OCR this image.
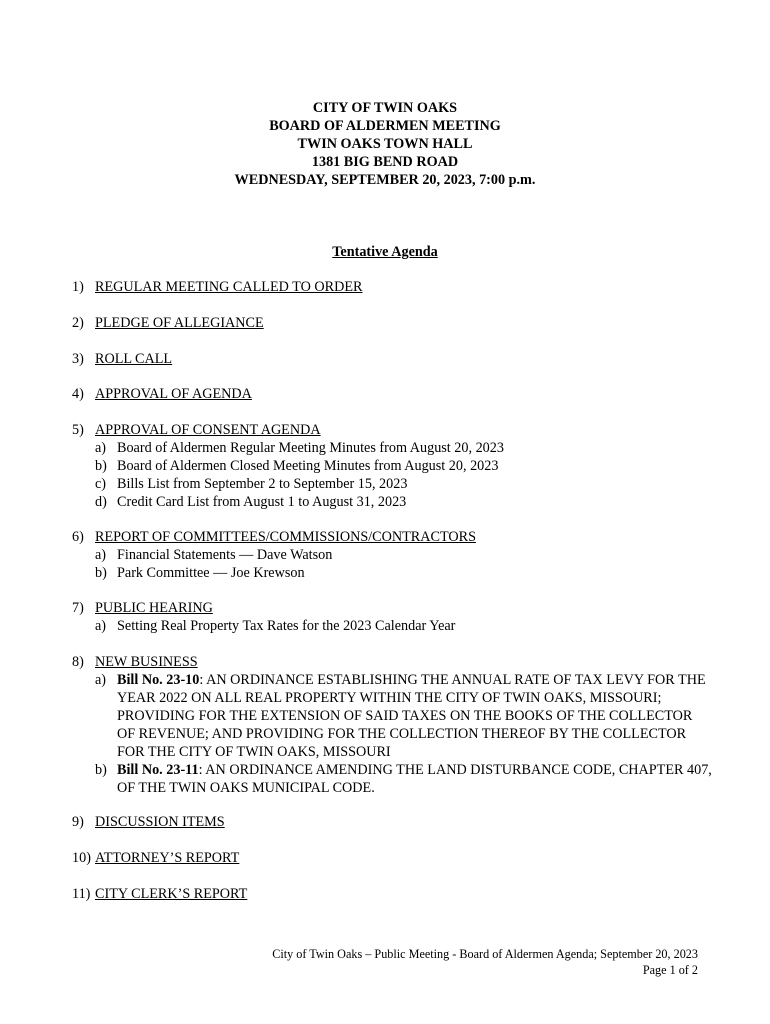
CITY OF TWIN OAKS
BOARD OF ALDERMEN MEETING
TWIN OAKS TOWN HALL
1381 BIG BEND ROAD
WEDNESDAY, SEPTEMBER 20, 2023, 7:00 p.m.
Tentative Agenda
1) REGULAR MEETING CALLED TO ORDER
2) PLEDGE OF ALLEGIANCE
3) ROLL CALL
4) APPROVAL OF AGENDA
5) APPROVAL OF CONSENT AGENDA
a) Board of Aldermen Regular Meeting Minutes from August 20, 2023
b) Board of Aldermen Closed Meeting Minutes from August 20, 2023
c) Bills List from September 2 to September 15, 2023
d) Credit Card List from August 1 to August 31, 2023
6) REPORT OF COMMITTEES/COMMISSIONS/CONTRACTORS
a) Financial Statements — Dave Watson
b) Park Committee — Joe Krewson
7) PUBLIC HEARING
a) Setting Real Property Tax Rates for the 2023 Calendar Year
8) NEW BUSINESS
a) Bill No. 23-10: AN ORDINANCE ESTABLISHING THE ANNUAL RATE OF TAX LEVY FOR THE YEAR 2022 ON ALL REAL PROPERTY WITHIN THE CITY OF TWIN OAKS, MISSOURI; PROVIDING FOR THE EXTENSION OF SAID TAXES ON THE BOOKS OF THE COLLECTOR OF REVENUE; AND PROVIDING FOR THE COLLECTION THEREOF BY THE COLLECTOR FOR THE CITY OF TWIN OAKS, MISSOURI
b) Bill No. 23-11: AN ORDINANCE AMENDING THE LAND DISTURBANCE CODE, CHAPTER 407, OF THE TWIN OAKS MUNICIPAL CODE.
9) DISCUSSION ITEMS
10) ATTORNEY’S REPORT
11) CITY CLERK’S REPORT
City of Twin Oaks – Public Meeting - Board of Aldermen Agenda; September 20, 2023
Page 1 of 2
